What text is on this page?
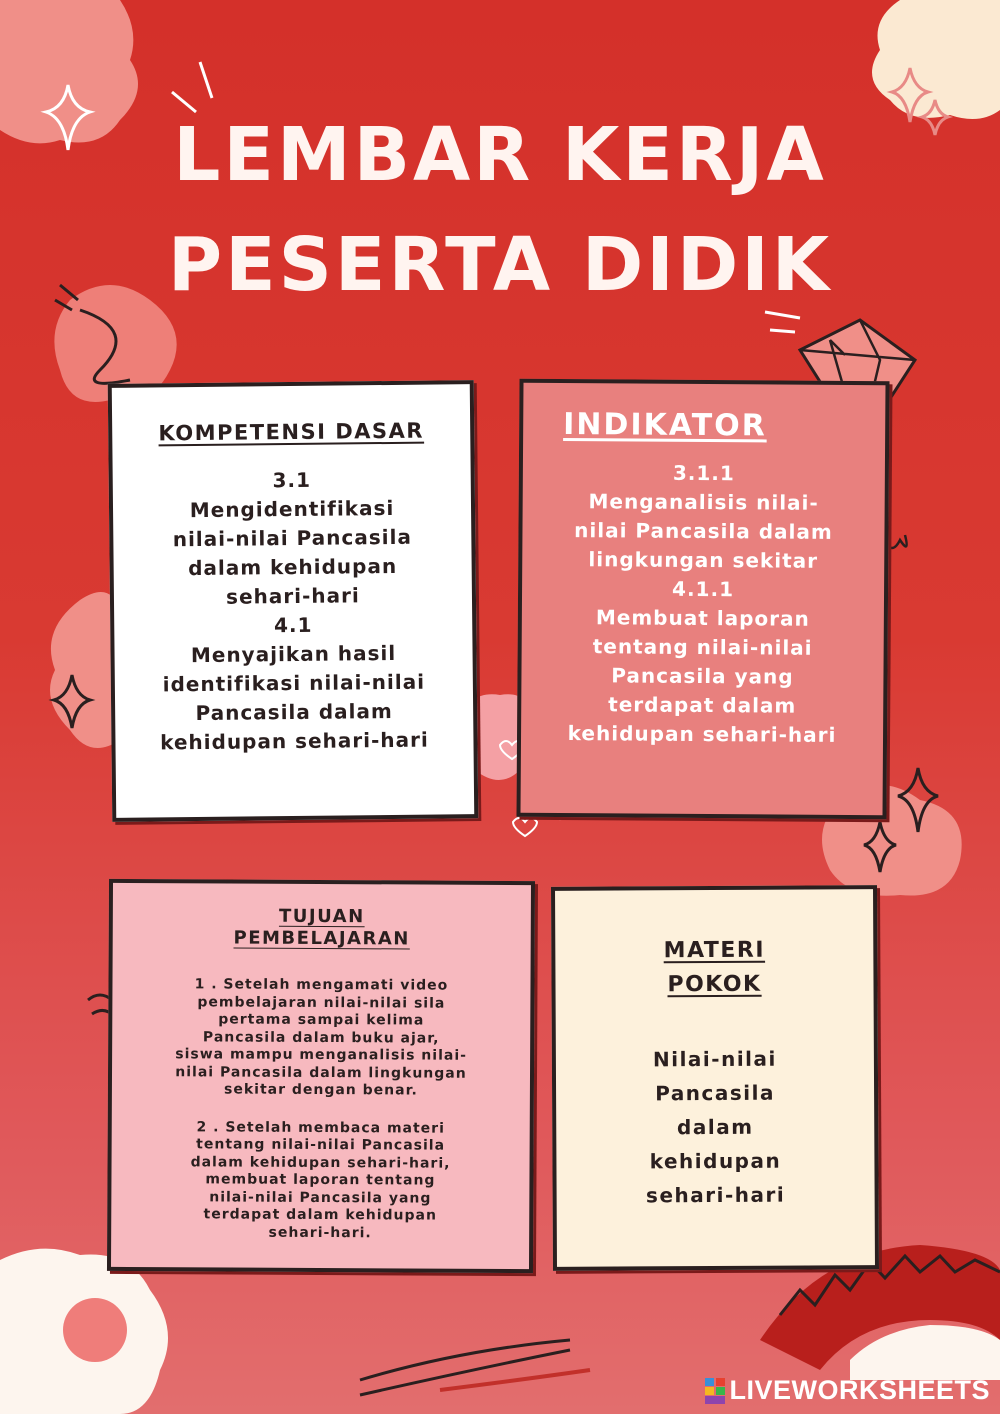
LEMBAR KERJA
PESERTA DIDIK
KOMPETENSI DASAR
3.1
Mengidentifikasi
nilai-nilai Pancasila
dalam kehidupan
sehari-hari
4.1
Menyajikan hasil
identifikasi nilai-nilai
Pancasila dalam
kehidupan sehari-hari
INDIKATOR
3.1.1
Menganalisis nilai-
nilai Pancasila dalam
lingkungan sekitar
4.1.1
Membuat laporan
tentang nilai-nilai
Pancasila yang
terdapat dalam
kehidupan sehari-hari
TUJUAN
PEMBELAJARAN
1 . Setelah mengamati video
pembelajaran nilai-nilai sila
pertama sampai kelima
Pancasila dalam buku ajar,
siswa mampu menganalisis nilai-
nilai Pancasila dalam lingkungan
sekitar dengan benar.
2 . Setelah membaca materi
tentang nilai-nilai Pancasila
dalam kehidupan sehari-hari,
membuat laporan tentang
nilai-nilai Pancasila yang
terdapat dalam kehidupan
sehari-hari.
MATERI
POKOK
Nilai-nilai
Pancasila
dalam
kehidupan
sehari-hari
LIVEWORKSHEETS
